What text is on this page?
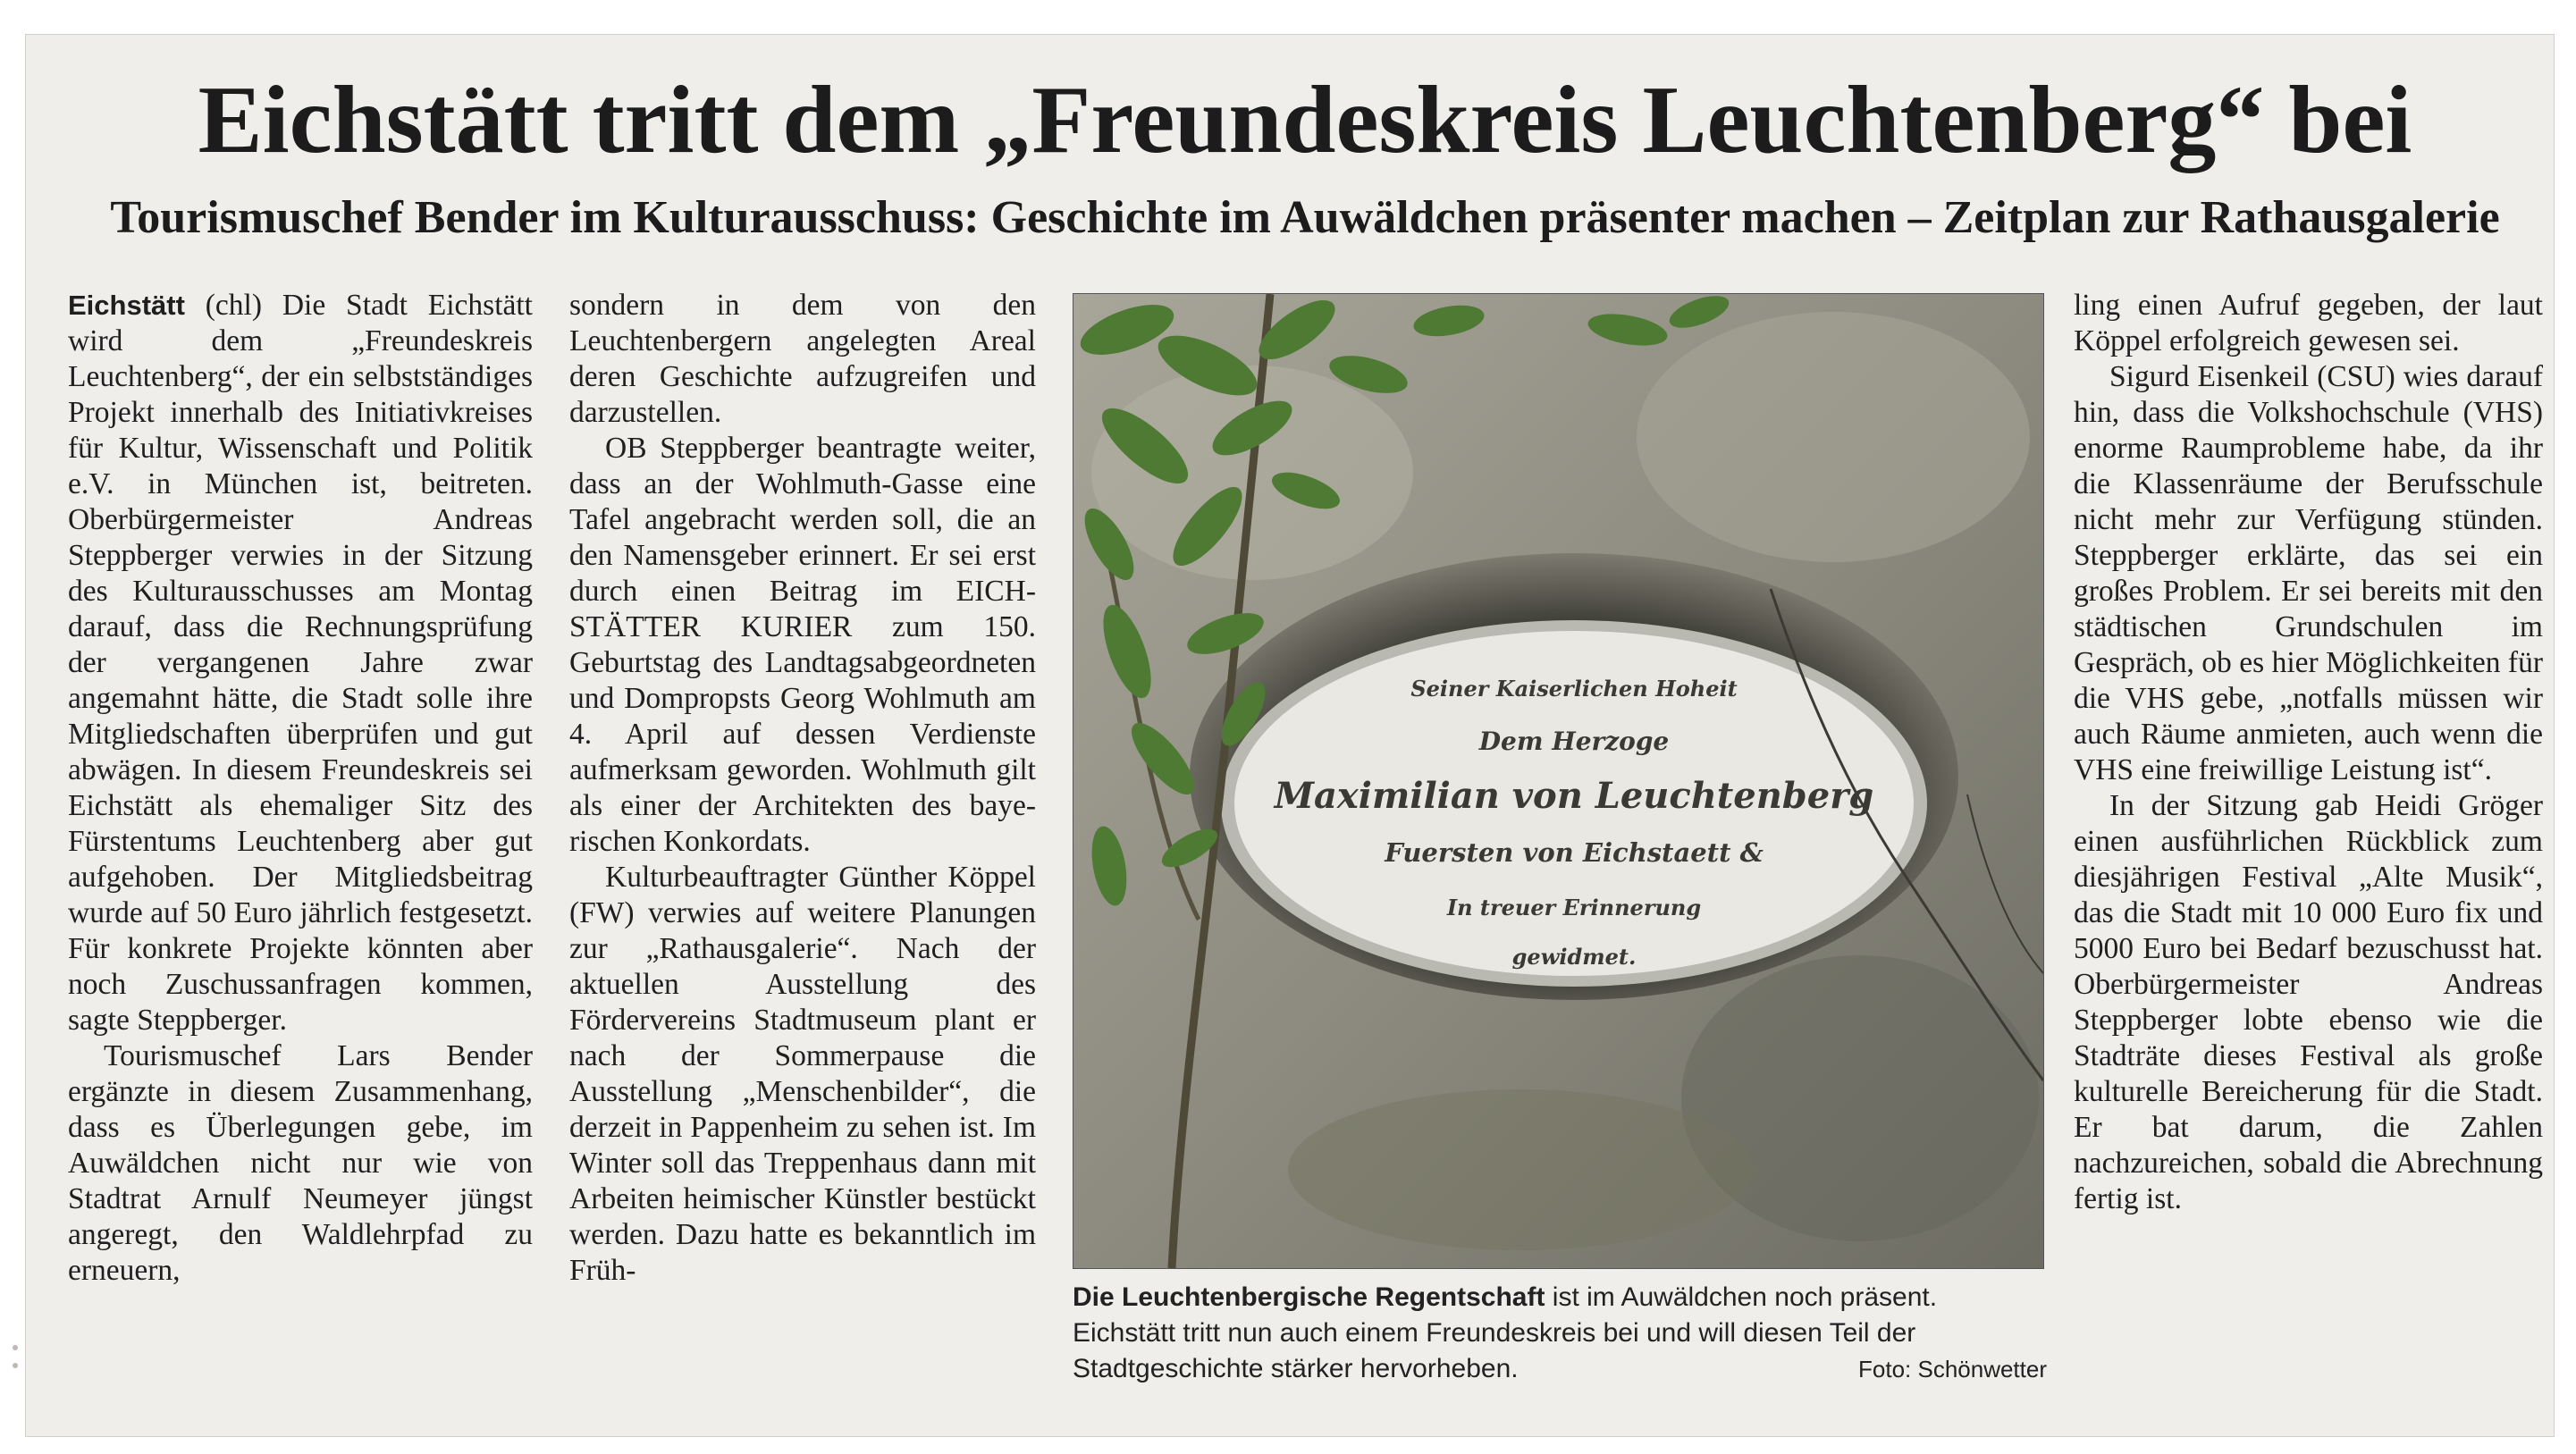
Eichstätt tritt dem „Freundeskreis Leuchtenberg“ bei
Tourismuschef Bender im Kulturausschuss: Geschichte im Auwäldchen präsenter machen – Zeitplan zur Rathausgalerie

Eichstätt (chl) Die Stadt Eichstätt wird dem „Freundeskreis Leuchtenberg“, der ein selbstständiges Projekt innerhalb des Initiativkreises für Kultur, Wissenschaft und Politik e.V. in München ist, beitreten. Oberbürgermeister Andreas Steppberger verwies in der Sitzung des Kulturausschusses am Montag darauf, dass die Rechnungsprüfung der vergangenen Jahre zwar angemahnt hätte, die Stadt solle ihre Mitgliedschaften überprüfen und gut abwägen. In diesem Freundeskreis sei Eichstätt als ehemaliger Sitz des Fürstentums Leuchtenberg aber gut aufgehoben. Der Mitgliedsbeitrag wurde auf 50 Euro jährlich festgesetzt. Für konkrete Projekte könnten aber noch Zuschussanfragen kommen, sagte Steppberger.

Tourismuschef Lars Bender ergänzte in diesem Zusammenhang, dass es Überlegungen gebe, im Auwäldchen nicht nur wie von Stadtrat Arnulf Neumeyer jüngst angeregt, den Waldlehrpfad zu erneuern,

sondern in dem von den Leuchtenbergern angelegten Areal deren Geschichte aufzugreifen und darzustellen.

OB Steppberger beantragte weiter, dass an der Wohlmuth-Gasse eine Tafel angebracht werden soll, die an den Namensgeber erinnert. Er sei erst durch einen Beitrag im EICHSTÄTTER KURIER zum 150. Geburtstag des Landtagsabgeordneten und Dompropsts Georg Wohlmuth am 4. April auf dessen Verdienste aufmerksam geworden. Wohlmuth gilt als einer der Architekten des bayerischen Konkordats.

Kulturbeauftragter Günther Köppel (FW) verwies auf weitere Planungen zur „Rathausgalerie“. Nach der aktuellen Ausstellung des Fördervereins Stadtmuseum plant er nach der Sommerpause die Ausstellung „Menschenbilder“, die derzeit in Pappenheim zu sehen ist. Im Winter soll das Treppenhaus dann mit Arbeiten heimischer Künstler bestückt werden. Dazu hatte es bekanntlich im Früh-

Seiner Kaiserlichen Hoheit
Dem Herzoge
Maximilian von Leuchtenberg
Fuersten von Eichstaett &
In treuer Erinnerung
gewidmet.
Die Leuchtenbergische Regentschaft ist im Auwäldchen noch präsent. Eichstätt tritt nun auch einem Freundeskreis bei und will diesen Teil der Stadtgeschichte stärker hervorheben.	Foto: Schönwetter

ling einen Aufruf gegeben, der laut Köppel erfolgreich gewesen sei.

Sigurd Eisenkeil (CSU) wies darauf hin, dass die Volkshochschule (VHS) enorme Raumprobleme habe, da ihr die Klassenräume der Berufsschule nicht mehr zur Verfügung stünden. Steppberger erklärte, das sei ein großes Problem. Er sei bereits mit den städtischen Grundschulen im Gespräch, ob es hier Möglichkeiten für die VHS gebe, „notfalls müssen wir auch Räume anmieten, auch wenn die VHS eine freiwillige Leistung ist“.

In der Sitzung gab Heidi Gröger einen ausführlichen Rückblick zum diesjährigen Festival „Alte Musik“, das die Stadt mit 10 000 Euro fix und 5000 Euro bei Bedarf bezuschusst hat. Oberbürgermeister Andreas Steppberger lobte ebenso wie die Stadträte dieses Festival als große kulturelle Bereicherung für die Stadt. Er bat darum, die Zahlen nachzureichen, sobald die Abrechnung fertig ist.
